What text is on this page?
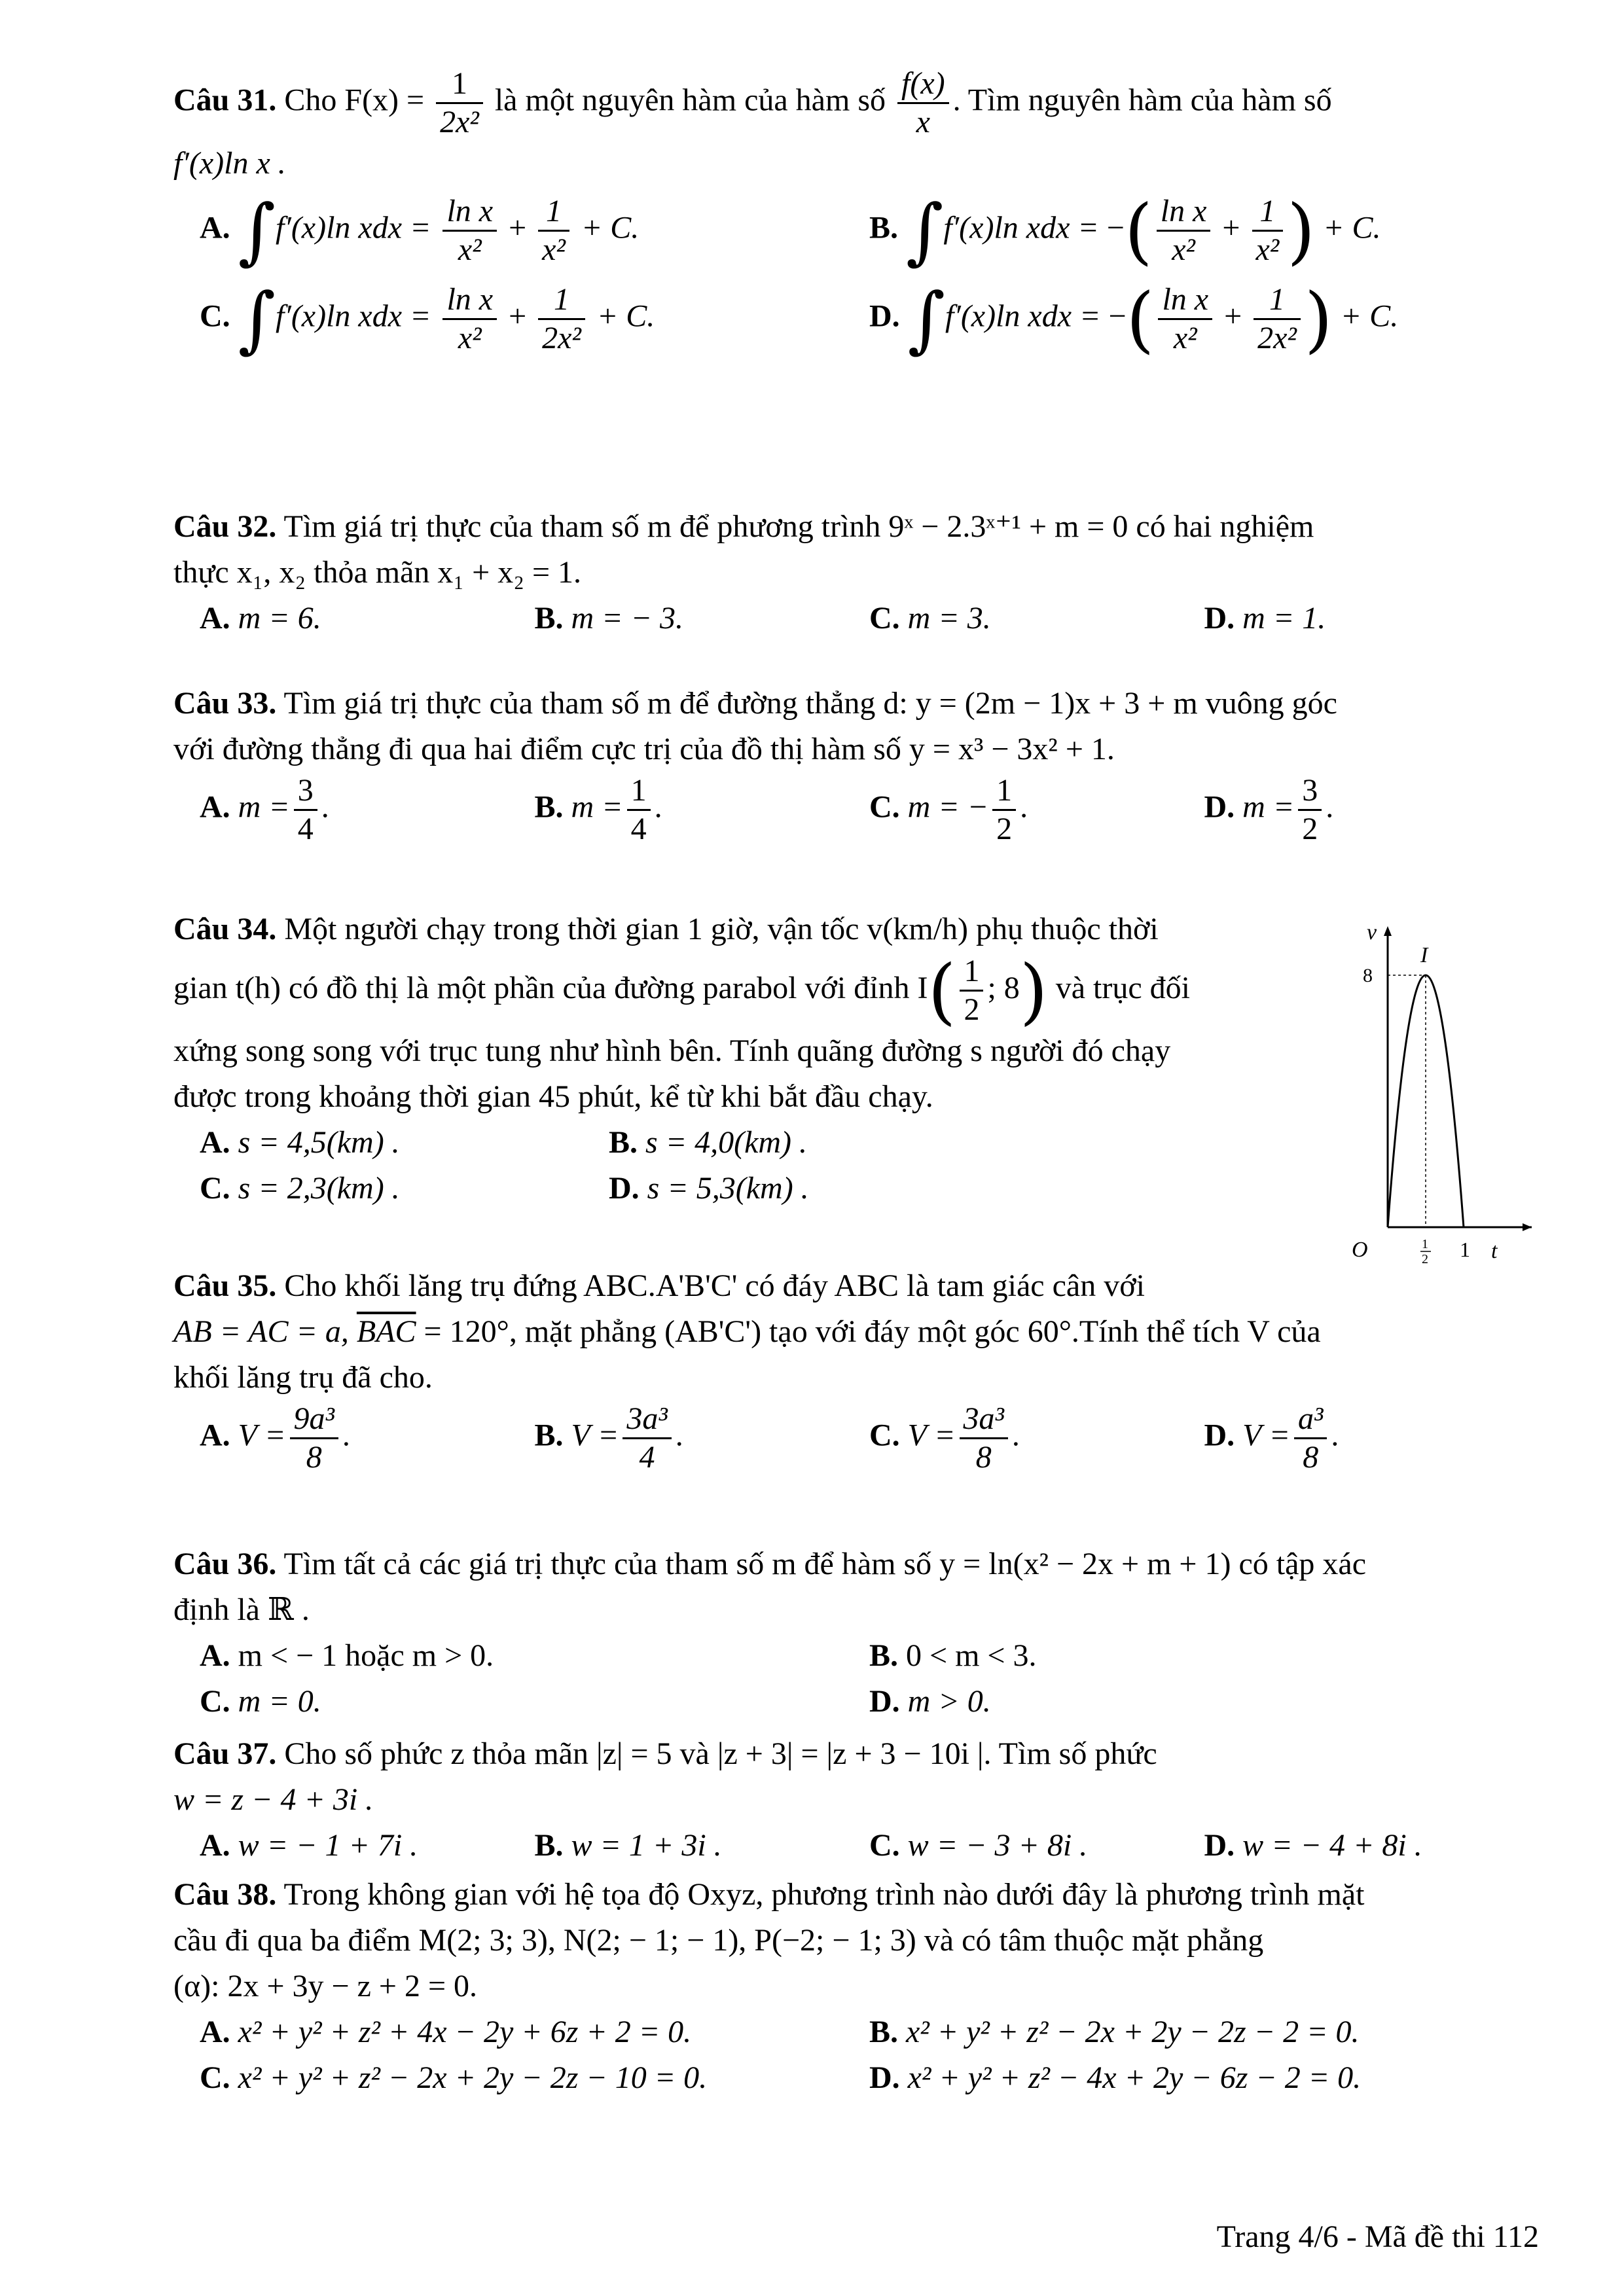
Câu 31. Cho $F(x) = \frac{1}{\text{2x²}}$ là một nguyên hàm của hàm số $\frac{f(x)}{x}$ . Tìm nguyên hàm của hàm số

f′(x)ln x .

A. ∫f′(x)ln xdx = $\frac{\text{ln x}}{\text{x²}} + \frac{1}{\text{x²}} + C$.	B. ∫f′(x)ln xdx = −( $\frac{\text{ln x}}{\text{x²}} + \frac{1}{\text{x²}}$ ) + C.
C. ∫f′(x)ln xdx = $\frac{\text{ln x}}{\text{x²}} + \frac{1}{\text{2x²}} + C$.	D. ∫f′(x)ln xdx = −( $\frac{\text{ln x}}{\text{x²}} + \frac{1}{\text{2x²}}$ ) + C.

Câu 32. Tìm giá trị thực của tham số m để phương trình 9ˣ − 2.3ˣ⁺¹ + m = 0 có hai nghiệm

thực x₁, x₂ thỏa mãn x₁ + x₂ = 1.

A. m = 6.	B. m = − 3.	C. m = 3.	D. m = 1.

Câu 33. Tìm giá trị thực của tham số m để đường thẳng d: y = (2m − 1)x + 3 + m vuông góc

với đường thẳng đi qua hai điểm cực trị của đồ thị hàm số y = x³ − 3x² + 1.

A. $m = \frac{3}{4}$ .	B. $m = \frac{1}{4}$ .	C. m = − $\frac{1}{2}$ .	D. $m = \frac{3}{2}$ .

Câu 34. Một người chạy trong thời gian 1 giờ, vận tốc v(km/h) phụ thuộc thời

gian t(h) có đồ thị là một phần của đường parabol với đỉnh $I( \frac{1}{2}$ ; 8) và trục đối

xứng song song với trục tung như hình bên. Tính quãng đường s người đó chạy

được trong khoảng thời gian 45 phút, kể từ khi bắt đầu chạy.

A. s = 4,5(km) .	B. s = 4,0(km) .
C. s = 2,3(km) .	D. s = 5,3(km) .
v
8
I
O	1
2 1 t

Câu 35. Cho khối lăng trụ đứng ABC.A'B'C' có đáy ABC là tam giác cân với

AB = AC = a, $\overline{BAC} = 120^\circ$, mặt phẳng (AB'C') tạo với đáy một góc 60°.Tính thể tích V của

khối lăng trụ đã cho.

A. $V = \frac{\text{9a³}}{8}$ .	B. $V = \frac{\text{3a³}}{4}$ .	C. $V = \frac{\text{3a³}}{8}$ .	D. $V = \frac{\text{a³}}{8}$ .

Câu 36. Tìm tất cả các giá trị thực của tham số m để hàm số y = ln(x² − 2x + m + 1) có tập xác

định là ℝ .

A. m < − 1 hoặc m > 0.	B. 0 < m < 3.
C. m = 0.	D. m > 0.

Câu 37. Cho số phức z thỏa mãn |z| = 5 và |z + 3| = |z + 3 − 10i |. Tìm số phức

w = z − 4 + 3i .

A. w = − 1 + 7i .	B. w = 1 + 3i .	C. w = − 3 + 8i .	D. w = − 4 + 8i .

Câu 38. Trong không gian với hệ tọa độ Oxyz, phương trình nào dưới đây là phương trình mặt

cầu đi qua ba điểm M(2; 3; 3), N(2; − 1; − 1), P(−2; − 1; 3) và có tâm thuộc mặt phẳng

(α): 2x + 3y − z + 2 = 0.

A. x² + y² + z² + 4x − 2y + 6z + 2 = 0.	B. x² + y² + z² − 2x + 2y − 2z − 2 = 0.
C. x² + y² + z² − 2x + 2y − 2z − 10 = 0.	D. x² + y² + z² − 4x + 2y − 6z − 2 = 0.
Trang 4/6 - Mã đề thi 112
